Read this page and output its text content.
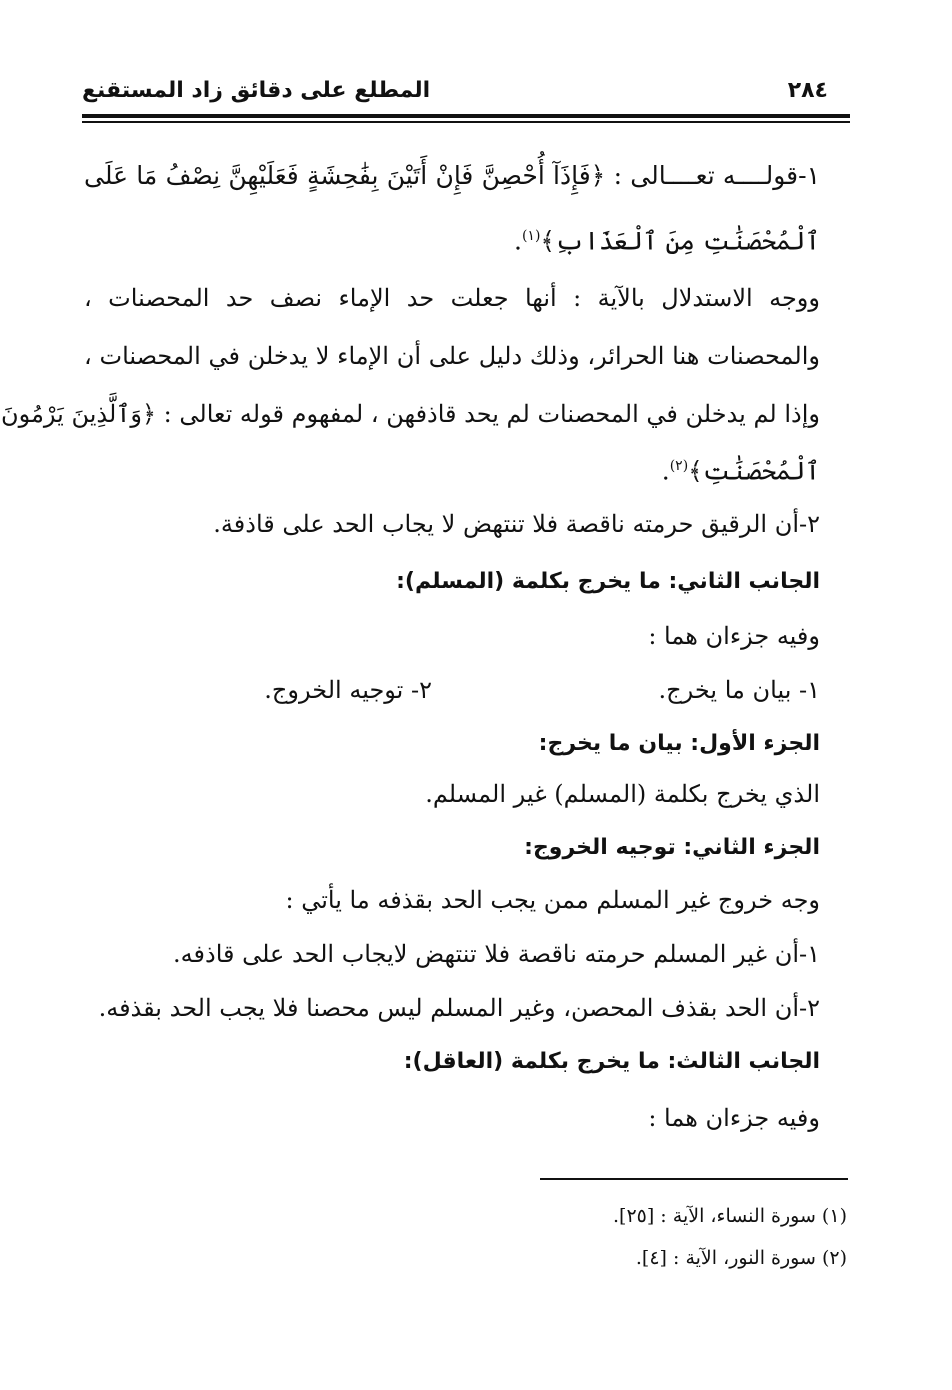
٢٨٤
المطلع على دقائق زاد المستقنع
١-قولــــه تعــــالى : ﴿فَإِذَآ أُحْصِنَّ فَإِنْ أَتَيْنَ بِفَٰحِشَةٍ فَعَلَيْهِنَّ نِصْفُ مَا عَلَى
ٱلْمُحْصَنَٰتِ مِنَ ٱلْعَذَابِ﴾$^{(١)}$.
ووجه الاستدلال بالآية : أنها جعلت حد الإماء نصف حد المحصنات ،
والمحصنات هنا الحرائر، وذلك دليل على أن الإماء لا يدخلن في المحصنات ،
وإذا لم يدخلن في المحصنات لم يحد قاذفهن ، لمفهوم قوله تعالى : ﴿وَٱلَّذِينَ يَرْمُونَ
ٱلْمُحْصَنَٰتِ﴾$^{(٢)}$.
٢-أن الرقيق حرمته ناقصة فلا تنتهض لا يجاب الحد على قاذفة.
الجانب الثاني: ما يخرج بكلمة (المسلم):
وفيه جزءان هما :
١- بيان ما يخرج.
٢- توجيه الخروج.
الجزء الأول: بيان ما يخرج:
الذي يخرج بكلمة (المسلم) غير المسلم.
الجزء الثاني: توجيه الخروج:
وجه خروج غير المسلم ممن يجب الحد بقذفه ما يأتي :
١-أن غير المسلم حرمته ناقصة فلا تنتهض لايجاب الحد على قاذفه.
٢-أن الحد بقذف المحصن، وغير المسلم ليس محصنا فلا يجب الحد بقذفه.
الجانب الثالث: ما يخرج بكلمة (العاقل):
وفيه جزءان هما :
(١) سورة النساء، الآية : [٢٥].
(٢) سورة النور، الآية : [٤].
